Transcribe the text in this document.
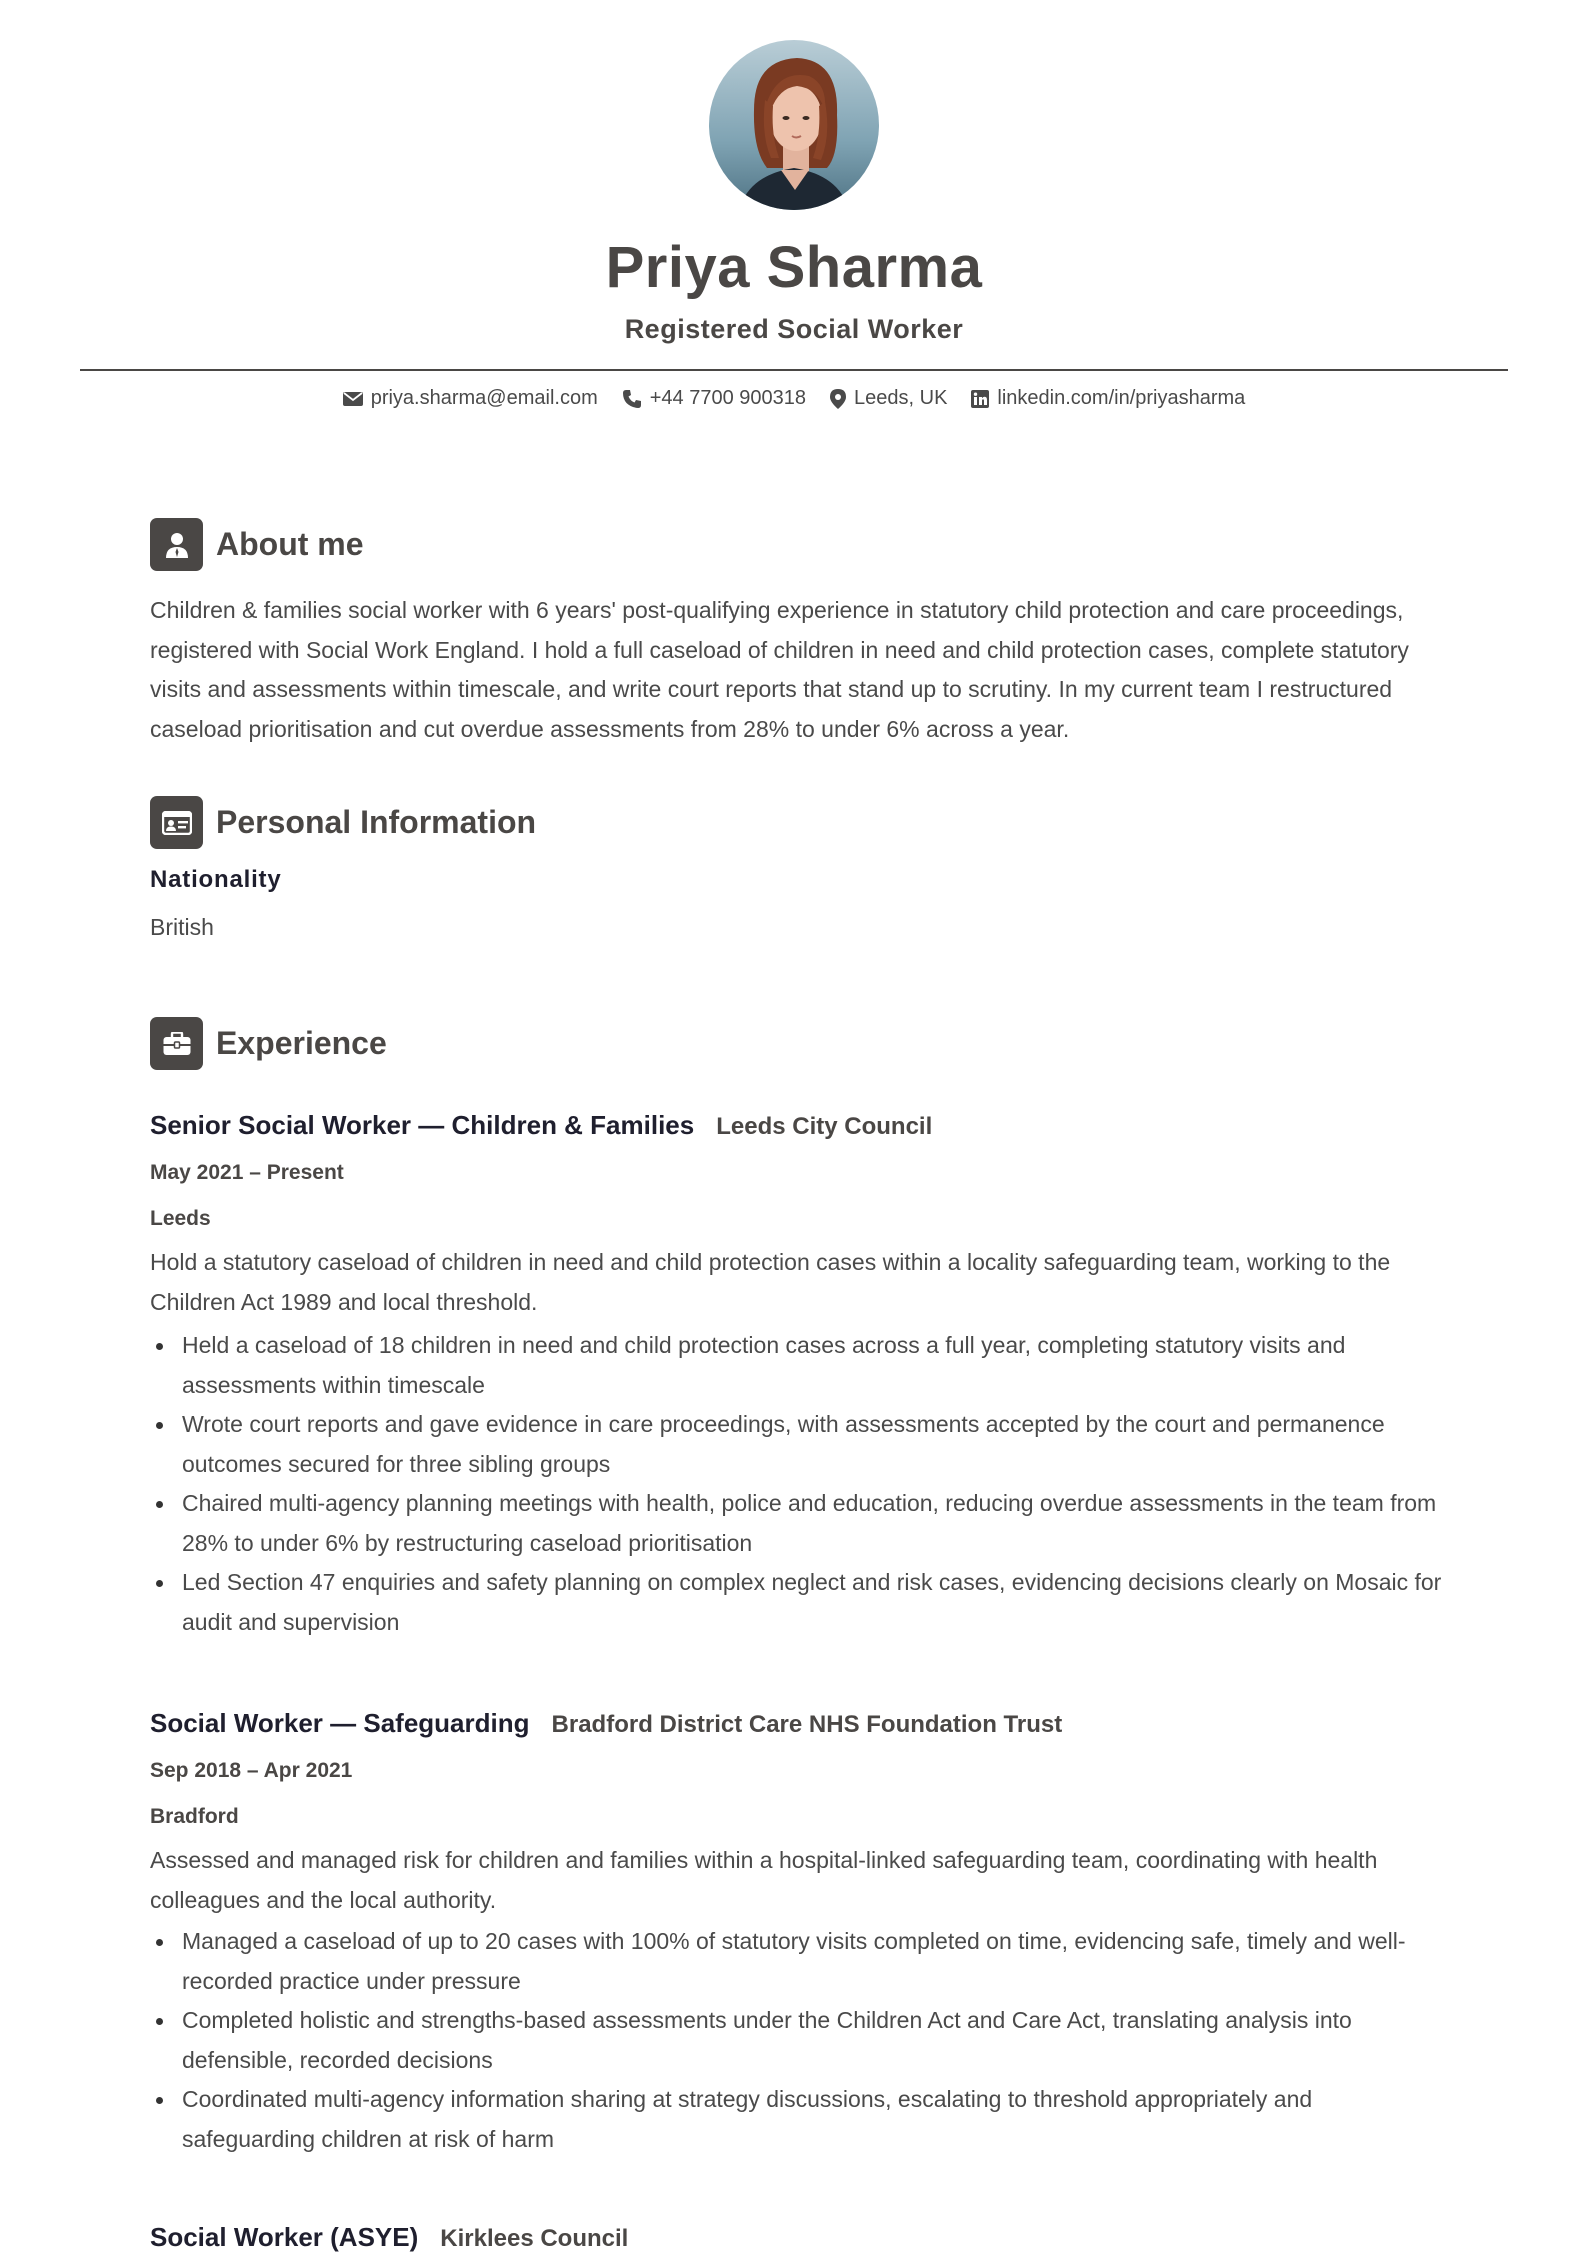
Priya Sharma
Registered Social Worker
priya.sharma@email.com	+44 7700 900318 Leeds, UK	linkedin.com/in/priyasharma
About me

Children & families social worker with 6 years' post-qualifying experience in statutory child protection and care proceedings, registered with Social Work England. I hold a full caseload of children in need and child protection cases, complete statutory visits and assessments within timescale, and write court reports that stand up to scrutiny. In my current team I restructured caseload prioritisation and cut overdue assessments from 28% to under 6% across a year.

Personal Information
Nationality
British
Experience
Senior Social Worker — Children & Families Leeds City Council
May 2021 – Present
Leeds

Hold a statutory caseload of children in need and child protection cases within a locality safeguarding team, working to the Children Act 1989 and local threshold.

Held a caseload of 18 children in need and child protection cases across a full year, completing statutory visits and assessments within timescale
Wrote court reports and gave evidence in care proceedings, with assessments accepted by the court and permanence outcomes secured for three sibling groups
Chaired multi-agency planning meetings with health, police and education, reducing overdue assessments in the team from 28% to under 6% by restructuring caseload prioritisation
Led Section 47 enquiries and safety planning on complex neglect and risk cases, evidencing decisions clearly on Mosaic for audit and supervision
Social Worker — Safeguarding Bradford District Care NHS Foundation Trust
Sep 2018 – Apr 2021
Bradford

Assessed and managed risk for children and families within a hospital-linked safeguarding team, coordinating with health colleagues and the local authority.

Managed a caseload of up to 20 cases with 100% of statutory visits completed on time, evidencing safe, timely and well-recorded practice under pressure
Completed holistic and strengths-based assessments under the Children Act and Care Act, translating analysis into defensible, recorded decisions
Coordinated multi-agency information sharing at strategy discussions, escalating to threshold appropriately and safeguarding children at risk of harm
Social Worker (ASYE) Kirklees Council
